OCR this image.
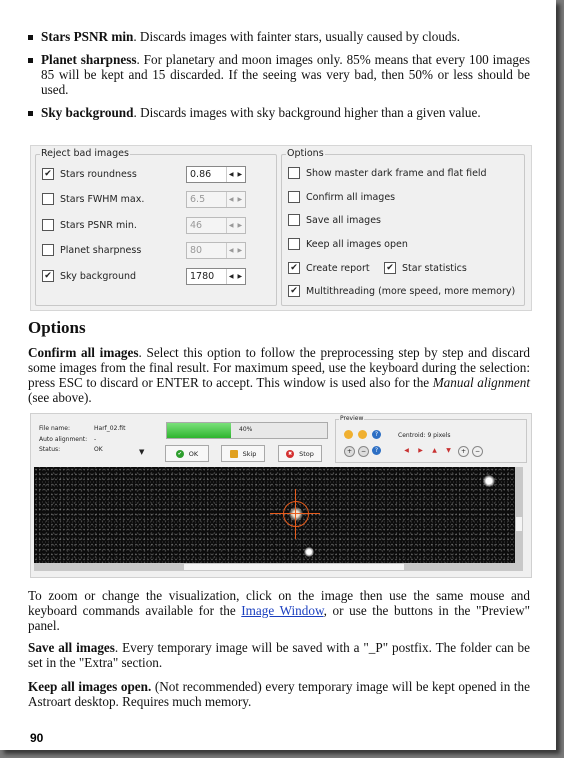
Stars PSNR min. Discards images with fainter stars, usually caused by clouds.
Planet sharpness. For planetary and moon images only. 85% means that every 100 images 85 will be kept and 15 discarded. If the seeing was very bad, then 50% or less should be used.
Sky background. Discards images with sky background higher than a given value.
Options
Confirm all images. Select this option to follow the preprocessing step by step and discard some images from the final result. For maximum speed, use the keyboard during the selection: press ESC to discard or ENTER to accept. This window is used also for the Manual alignment (see above).
To zoom or change the visualization, click on the image then use the same mouse and keyboard commands available for the Image Window, or use the buttons in the "Preview" panel.
Save all images. Every temporary image will be saved with a "_P" postfix. The folder can be set in the "Extra" section.
Keep all images open. (Not recommended) every temporary image will be kept opened in the Astroart desktop. Requires much memory.
Reject bad images
✔ Stars roundness	0.86	◀ ▶
Stars FWHM max.	6.5	◀ ▶
Stars PSNR min.	46	◀ ▶
Planet sharpness	80	◀ ▶
✔ Sky background	1780	◀ ▶
Options
Show master dark frame and flat field
Confirm all images
Save all images
Keep all images open
✔ Create report ✔ Star statistics
✔ Multithreading (more speed, more memory)
File name:	Harf_02.fit
Auto alignment: -
Status:	OK	▼
40%
✔ OK	Skip	✖ Stop
Preview
?	Centroid: 9 pixels
+	−	?	◀	▶	▲	▼	+	−
90
